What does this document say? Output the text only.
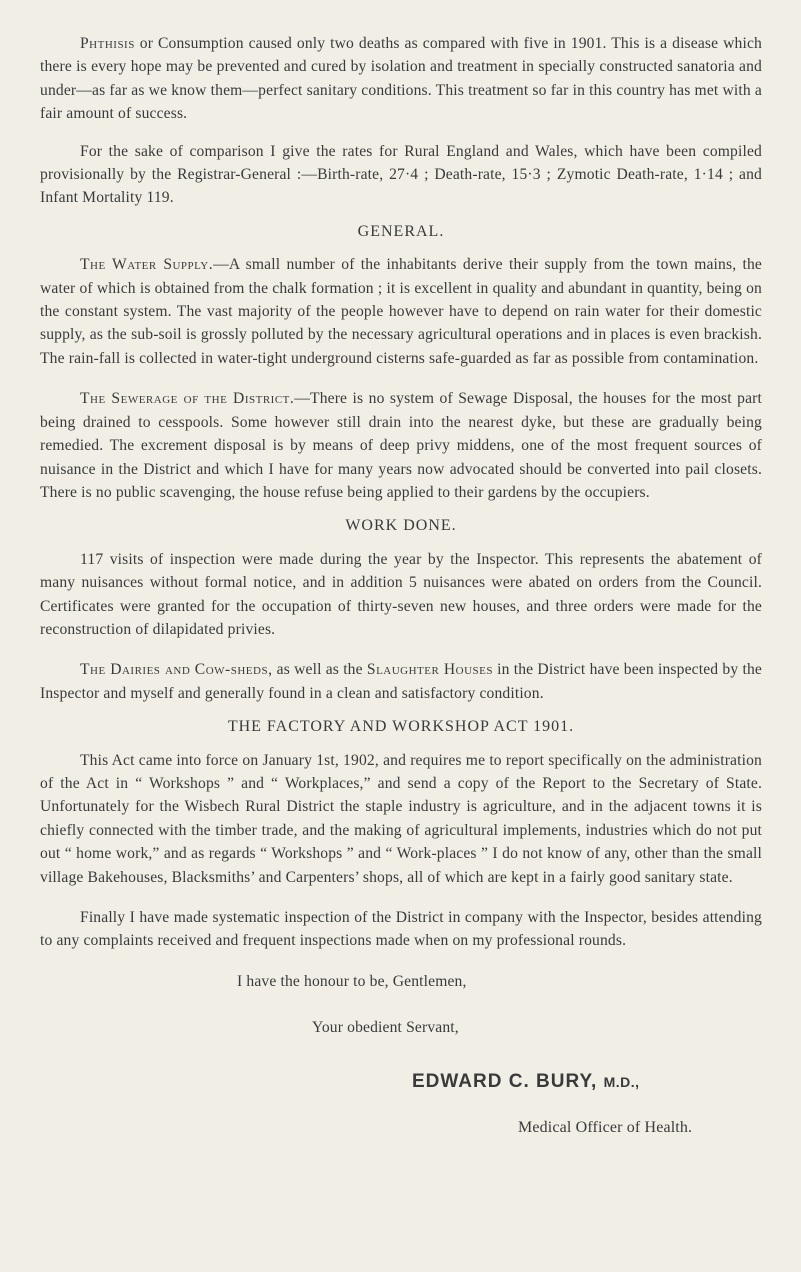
Phthisis or Consumption caused only two deaths as compared with five in 1901. This is a disease which there is every hope may be prevented and cured by isolation and treatment in specially constructed sanatoria and under—as far as we know them—perfect sanitary conditions. This treatment so far in this country has met with a fair amount of success.

For the sake of comparison I give the rates for Rural England and Wales, which have been compiled provisionally by the Registrar-General :—Birth-rate, 27·4 ; Death-rate, 15·3 ; Zymotic Death-rate, 1·14 ; and Infant Mortality 119.

GENERAL.

The Water Supply.—A small number of the inhabitants derive their supply from the town mains, the water of which is obtained from the chalk formation ; it is excellent in quality and abundant in quantity, being on the constant system. The vast majority of the people however have to depend on rain water for their domestic supply, as the sub-soil is grossly polluted by the necessary agricultural operations and in places is even brackish. The rain-fall is collected in water-tight underground cisterns safe-guarded as far as possible from contamination.

The Sewerage of the District.—There is no system of Sewage Disposal, the houses for the most part being drained to cesspools. Some however still drain into the nearest dyke, but these are gradually being remedied. The excrement disposal is by means of deep privy middens, one of the most frequent sources of nuisance in the District and which I have for many years now advocated should be converted into pail closets. There is no public scavenging, the house refuse being applied to their gardens by the occupiers.

WORK DONE.

117 visits of inspection were made during the year by the Inspector. This represents the abatement of many nuisances without formal notice, and in addition 5 nuisances were abated on orders from the Council. Certificates were granted for the occupation of thirty-seven new houses, and three orders were made for the reconstruction of dilapidated privies.

The Dairies and Cow-sheds, as well as the Slaughter Houses in the District have been inspected by the Inspector and myself and generally found in a clean and satisfactory condition.

THE FACTORY AND WORKSHOP ACT 1901.

This Act came into force on January 1st, 1902, and requires me to report specifically on the administration of the Act in “ Workshops ” and “ Workplaces,” and send a copy of the Report to the Secretary of State. Unfortunately for the Wisbech Rural District the staple industry is agriculture, and in the adjacent towns it is chiefly connected with the timber trade, and the making of agricultural implements, industries which do not put out “ home work,” and as regards “ Workshops ” and “ Work-places ” I do not know of any, other than the small village Bakehouses, Blacksmiths’ and Carpenters’ shops, all of which are kept in a fairly good sanitary state.

Finally I have made systematic inspection of the District in company with the Inspector, besides attending to any complaints received and frequent inspections made when on my professional rounds.

I have the honour to be, Gentlemen,
Your obedient Servant,
EDWARD C. BURY, M.D.,
Medical Officer of Health.
